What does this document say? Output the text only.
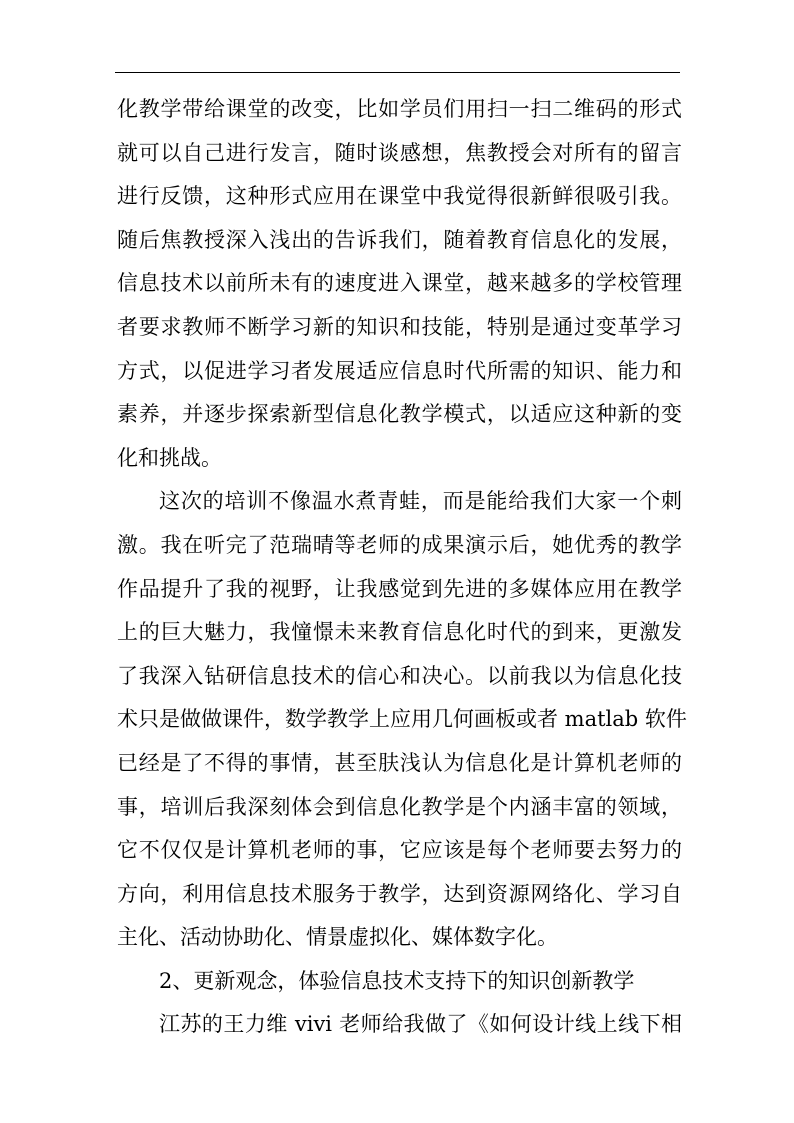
化教学带给课堂的改变，比如学员们用扫一扫二维码的形式
就可以自己进行发言，随时谈感想，焦教授会对所有的留言
进行反馈，这种形式应用在课堂中我觉得很新鲜很吸引我。
随后焦教授深入浅出的告诉我们，随着教育信息化的发展，
信息技术以前所未有的速度进入课堂，越来越多的学校管理
者要求教师不断学习新的知识和技能，特别是通过变革学习
方式，以促进学习者发展适应信息时代所需的知识、能力和
素养，并逐步探索新型信息化教学模式，以适应这种新的变
化和挑战。
这次的培训不像温水煮青蛙，而是能给我们大家一个刺
激。我在听完了范瑞晴等老师的成果演示后，她优秀的教学
作品提升了我的视野，让我感觉到先进的多媒体应用在教学
上的巨大魅力，我憧憬未来教育信息化时代的到来，更激发
了我深入钻研信息技术的信心和决心。以前我以为信息化技
术只是做做课件，数学教学上应用几何画板或者 matlab 软件
已经是了不得的事情，甚至肤浅认为信息化是计算机老师的
事，培训后我深刻体会到信息化教学是个内涵丰富的领域，
它不仅仅是计算机老师的事，它应该是每个老师要去努力的
方向，利用信息技术服务于教学，达到资源网络化、学习自
主化、活动协助化、情景虚拟化、媒体数字化。
2、更新观念，体验信息技术支持下的知识创新教学
江苏的王力维 vivi 老师给我做了《如何设计线上线下相
